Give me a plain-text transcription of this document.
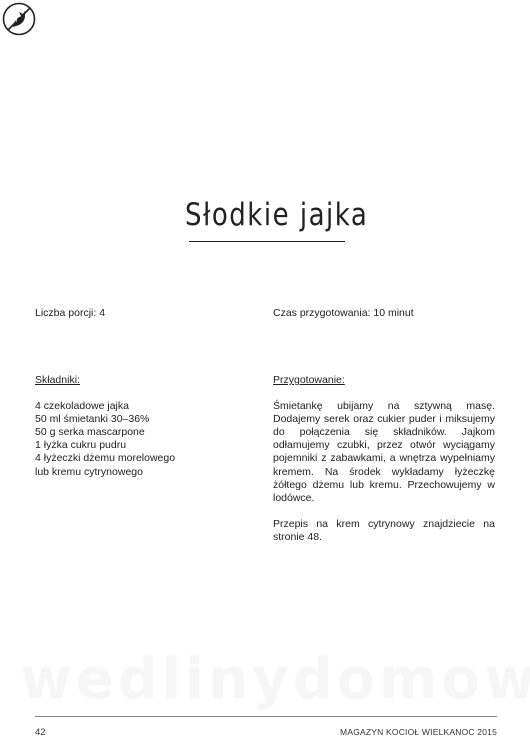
Słodkie jajka
Liczba porcji: 4	Czas przygotowania: 10 minut
Składniki:
4 czekoladowe jajka
50 ml śmietanki 30–36%
50 g serka mascarpone
1 łyżka cukru pudru
4 łyżeczki dżemu morelowego
lub kremu cytrynowego
Przygotowanie:
Śmietankę ubijamy na sztywną masę. Dodajemy serek oraz cukier puder i miksujemy do połączenia się składników. Jajkom odłamujemy czubki, przez otwór wyciągamy pojemniki z zabawkami, a wnętrza wypełniamy kremem. Na środek wykładamy łyżeczkę żółtego dżemu lub kremu. Przechowujemy w lodówce.
Przepis na krem cytrynowy znajdziecie na stronie 48.
42	MAGAZYN KOCIOŁ WIELKANOC 2015
